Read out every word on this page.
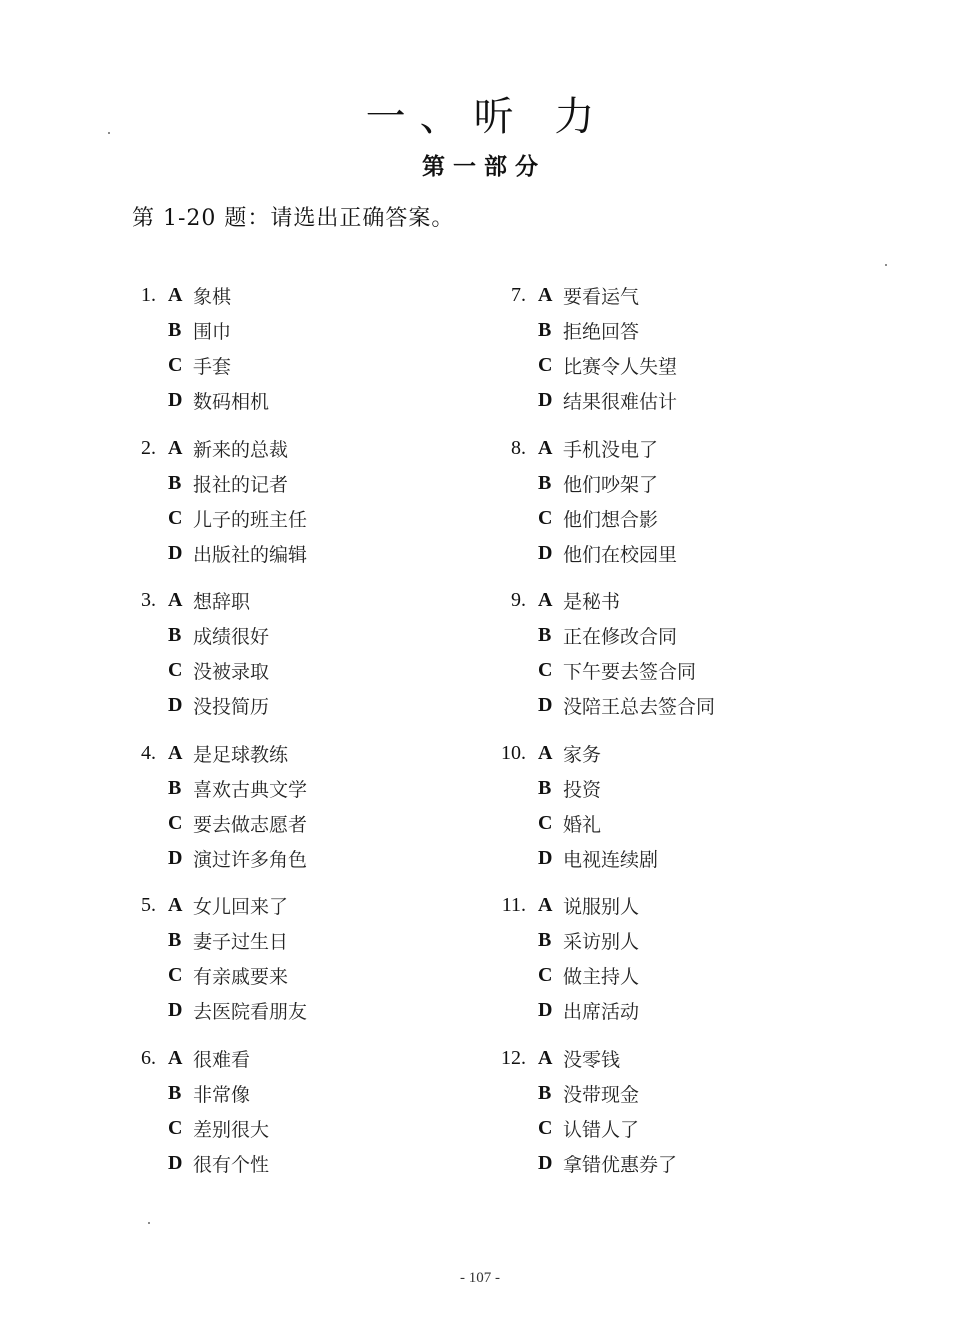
一、听 力
第一部分
第 1-20 题：请选出正确答案。
1. A 象棋
B 围巾
C 手套
D 数码相机
2. A 新来的总裁
B 报社的记者
C 儿子的班主任
D 出版社的编辑
3. A 想辞职
B 成绩很好
C 没被录取
D 没投简历
4. A 是足球教练
B 喜欢古典文学
C 要去做志愿者
D 演过许多角色
5. A 女儿回来了
B 妻子过生日
C 有亲戚要来
D 去医院看朋友
6. A 很难看
B 非常像
C 差别很大
D 很有个性
7. A 要看运气
B 拒绝回答
C 比赛令人失望
D 结果很难估计
8. A 手机没电了
B 他们吵架了
C 他们想合影
D 他们在校园里
9. A 是秘书
B 正在修改合同
C 下午要去签合同
D 没陪王总去签合同
10. A 家务
B 投资
C 婚礼
D 电视连续剧
11. A 说服别人
B 采访别人
C 做主持人
D 出席活动
12. A 没零钱
B 没带现金
C 认错人了
D 拿错优惠券了
- 107 -
